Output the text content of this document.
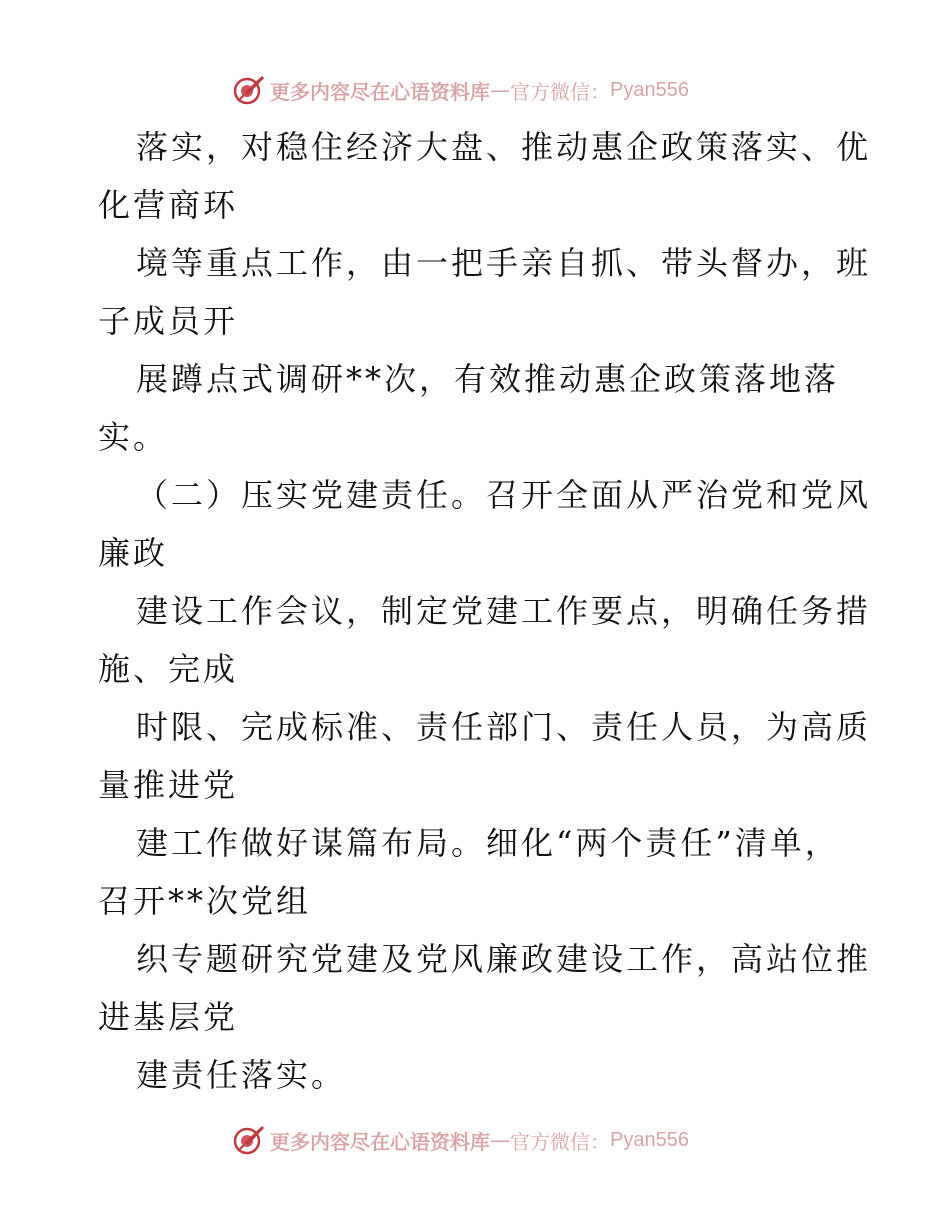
更多内容尽在心语资料库 — 官方微信： Pyan556
落实，对稳住经济大盘、推动惠企政策落实、优
化营商环
境等重点工作，由一把手亲自抓、带头督办，班
子成员开
展蹲点式调研**次，有效推动惠企政策落地落
实。
（二）压实党建责任。召开全面从严治党和党风
廉政
建设工作会议，制定党建工作要点，明确任务措
施、完成
时限、完成标准、责任部门、责任人员，为高质
量推进党
建工作做好谋篇布局。细化“两个责任”清单，
召开**次党组
织专题研究党建及党风廉政建设工作，高站位推
进基层党
建责任落实。
更多内容尽在心语资料库 — 官方微信： Pyan556
